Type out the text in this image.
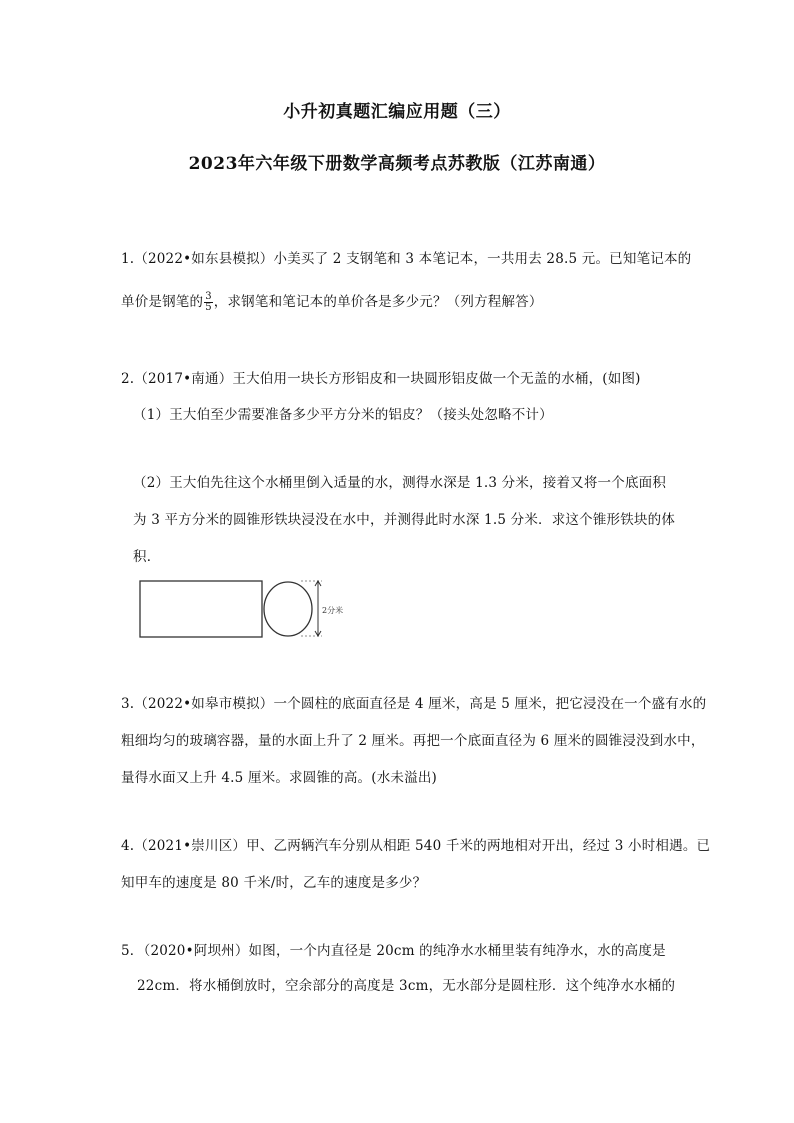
小升初真题汇编应用题（三）
2023年六年级下册数学高频考点苏教版（江苏南通）
1.（2022•如东县模拟）小美买了 2 支钢笔和 3 本笔记本，一共用去 28.5 元。已知笔记本的
单价是钢笔的 $\frac{3}{5}$ ，求钢笔和笔记本的单价各是多少元？（列方程解答）
2.（2017•南通）王大伯用一块长方形铝皮和一块圆形铝皮做一个无盖的水桶，(如图)
（1）王大伯至少需要准备多少平方分米的铝皮？（接头处忽略不计）
（2）王大伯先往这个水桶里倒入适量的水，测得水深是 1.3 分米，接着又将一个底面积
为 3 平方分米的圆锥形铁块浸没在水中，并测得此时水深 1.5 分米．求这个锥形铁块的体
积．
2分米
3.（2022•如皋市模拟）一个圆柱的底面直径是 4 厘米，高是 5 厘米，把它浸没在一个盛有水的
粗细均匀的玻璃容器，量的水面上升了 2 厘米。再把一个底面直径为 6 厘米的圆锥浸没到水中，
量得水面又上升 4.5 厘米。求圆锥的高。(水未溢出)
4.（2021•崇川区）甲、乙两辆汽车分别从相距 540 千米的两地相对开出，经过 3 小时相遇。已
知甲车的速度是 80 千米/时，乙车的速度是多少？
5．（2020•阿坝州）如图，一个内直径是 20cm 的纯净水水桶里装有纯净水，水的高度是
22cm．将水桶倒放时，空余部分的高度是 3cm，无水部分是圆柱形．这个纯净水水桶的
